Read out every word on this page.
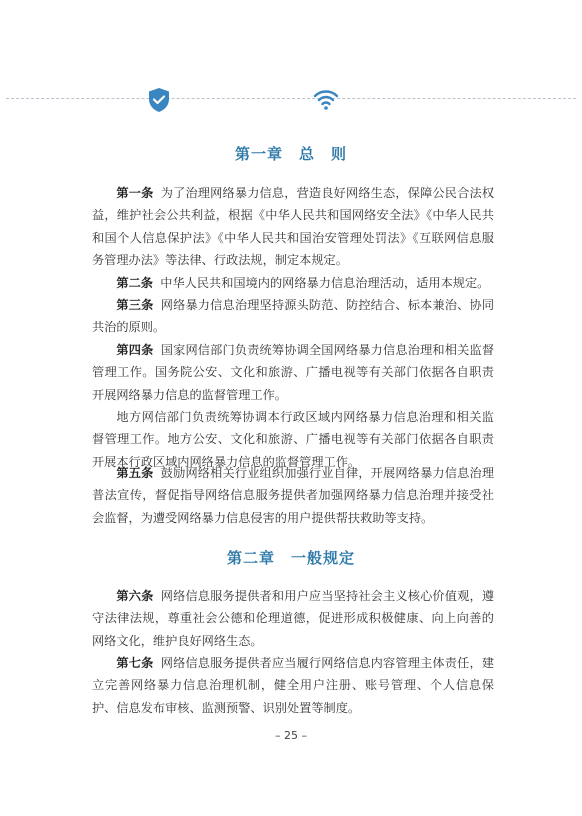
第一章　总　则
第一条 为了治理网络暴力信息，营造良好网络生态，保障公民合法权益，维护社会公共利益，根据《中华人民共和国网络安全法》《中华人民共和国个人信息保护法》《中华人民共和国治安管理处罚法》《互联网信息服务管理办法》等法律、行政法规，制定本规定。
第二条 中华人民共和国境内的网络暴力信息治理活动，适用本规定。
第三条 网络暴力信息治理坚持源头防范、防控结合、标本兼治、协同共治的原则。
第四条 国家网信部门负责统筹协调全国网络暴力信息治理和相关监督管理工作。国务院公安、文化和旅游、广播电视等有关部门依据各自职责开展网络暴力信息的监督管理工作。
地方网信部门负责统筹协调本行政区域内网络暴力信息治理和相关监督管理工作。地方公安、文化和旅游、广播电视等有关部门依据各自职责开展本行政区域内网络暴力信息的监督管理工作。
第五条 鼓励网络相关行业组织加强行业自律，开展网络暴力信息治理普法宣传，督促指导网络信息服务提供者加强网络暴力信息治理并接受社会监督，为遭受网络暴力信息侵害的用户提供帮扶救助等支持。
第二章　一般规定
第六条 网络信息服务提供者和用户应当坚持社会主义核心价值观，遵守法律法规，尊重社会公德和伦理道德，促进形成积极健康、向上向善的网络文化，维护良好网络生态。
第七条 网络信息服务提供者应当履行网络信息内容管理主体责任，建立完善网络暴力信息治理机制，健全用户注册、账号管理、个人信息保护、信息发布审核、监测预警、识别处置等制度。
– 25 –
